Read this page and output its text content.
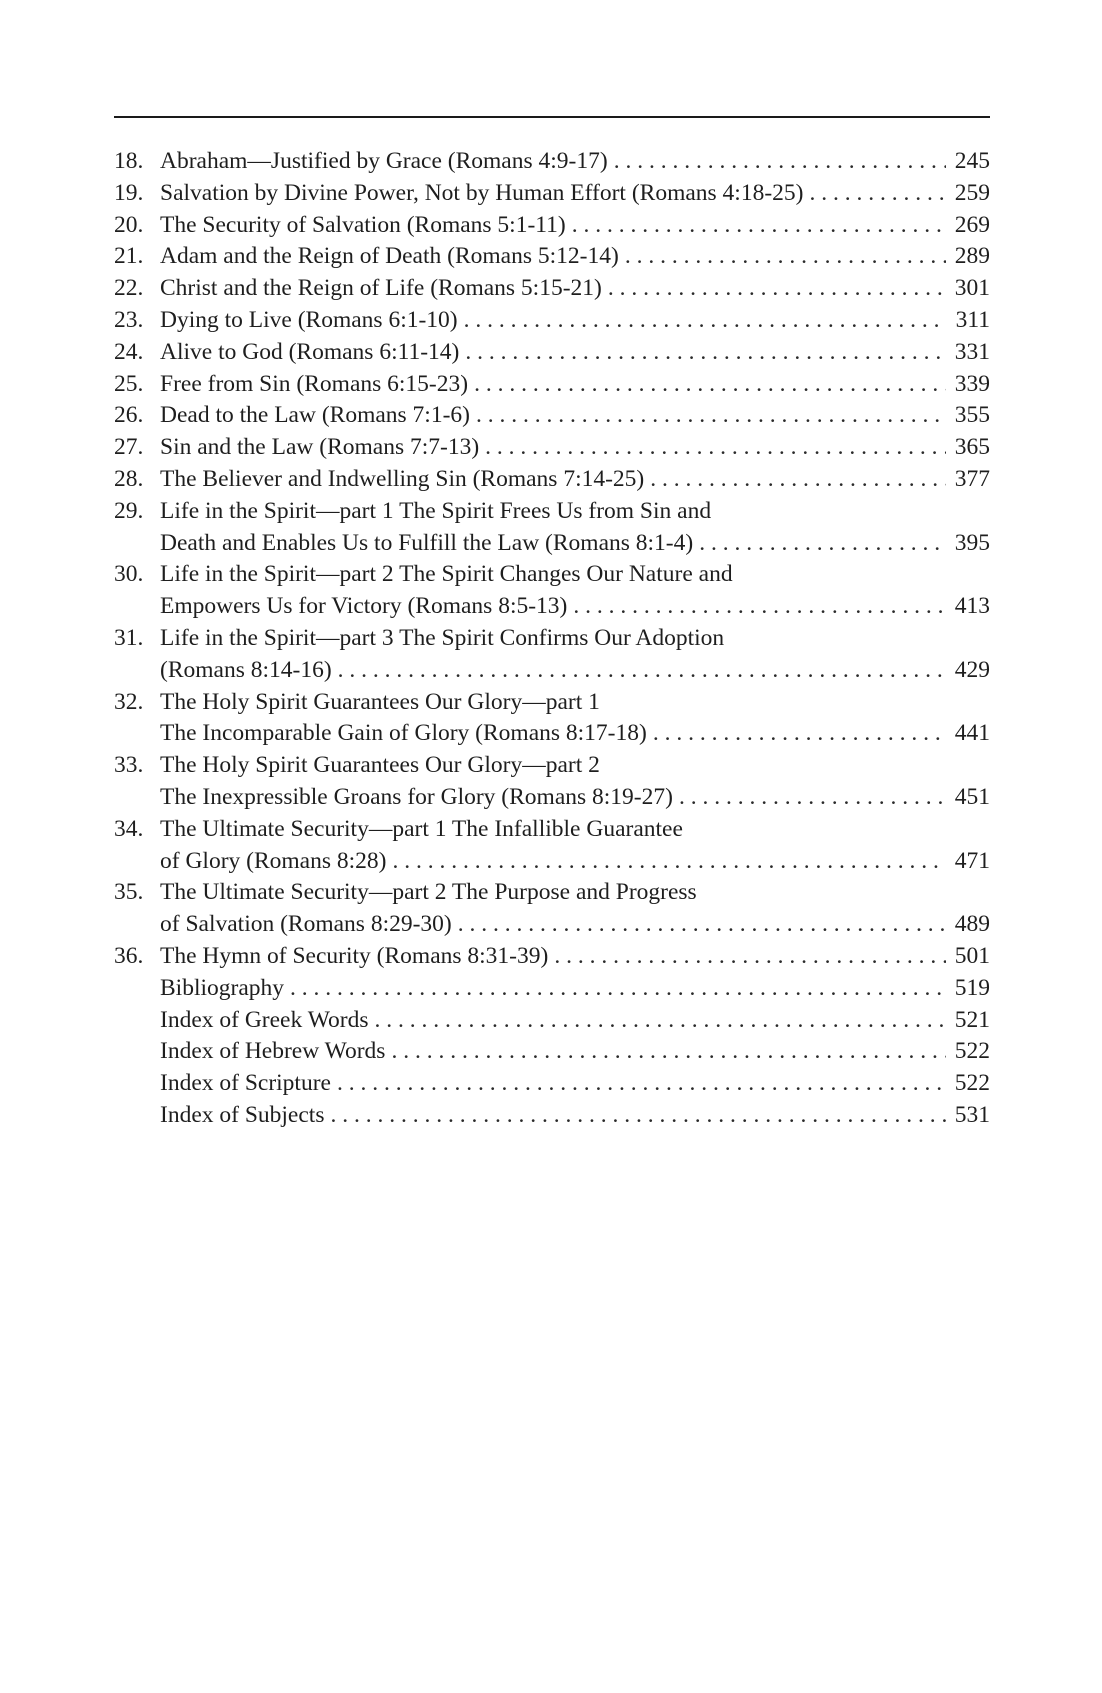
18. Abraham—Justified by Grace (Romans 4:9-17) . . .	245
19. Salvation by Divine Power, Not by Human Effort (Romans 4:18-25) . . .	259
20. The Security of Salvation (Romans 5:1-11) . . .	269
21. Adam and the Reign of Death (Romans 5:12-14) . . .	289
22. Christ and the Reign of Life (Romans 5:15-21) . . .	301
23. Dying to Live (Romans 6:1-10) . . .	311
24. Alive to God (Romans 6:11-14) . . .	331
25. Free from Sin (Romans 6:15-23) . . .	339
26. Dead to the Law (Romans 7:1-6) . . .	355
27. Sin and the Law (Romans 7:7-13) . . .	365
28. The Believer and Indwelling Sin (Romans 7:14-25) . . .	377
29. Life in the Spirit—part 1 The Spirit Frees Us from Sin and
Death and Enables Us to Fulfill the Law (Romans 8:1-4) . . .	395
30. Life in the Spirit—part 2 The Spirit Changes Our Nature and
Empowers Us for Victory (Romans 8:5-13) . . .	413
31. Life in the Spirit—part 3 The Spirit Confirms Our Adoption
(Romans 8:14-16) . . .	429
32. The Holy Spirit Guarantees Our Glory—part 1
The Incomparable Gain of Glory (Romans 8:17-18) . . .	441
33. The Holy Spirit Guarantees Our Glory—part 2
The Inexpressible Groans for Glory (Romans 8:19-27) . . .	451
34. The Ultimate Security—part 1 The Infallible Guarantee
of Glory (Romans 8:28) . . .	471
35. The Ultimate Security—part 2 The Purpose and Progress
of Salvation (Romans 8:29-30) . . .	489
36. The Hymn of Security (Romans 8:31-39) . . .	501
Bibliography . . .	519
Index of Greek Words . . .	521
Index of Hebrew Words . . .	522
Index of Scripture . . .	522
Index of Subjects . . .	531
